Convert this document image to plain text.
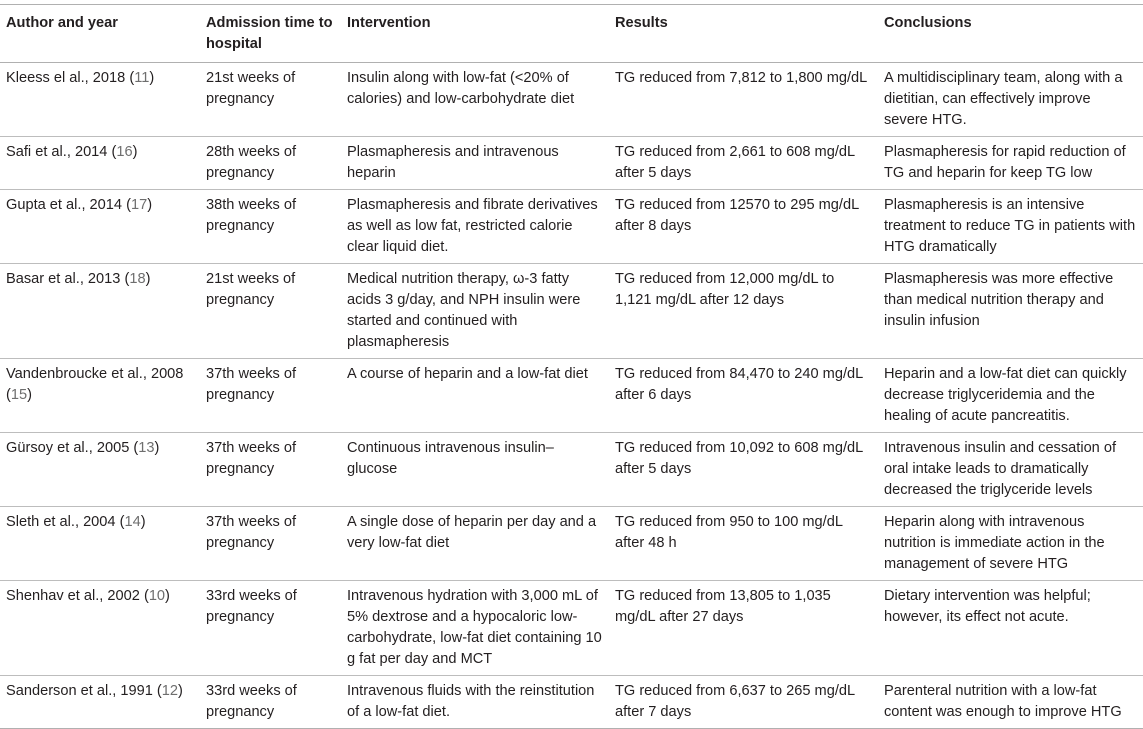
Author and year	Admission time to hospital	Intervention	Results	Conclusions
Kleess el al., 2018 (11)	21st weeks of pregnancy	Insulin along with low-fat (<20% of calories) and low-carbohydrate diet	TG reduced from 7,812 to 1,800 mg/dL	A multidisciplinary team, along with a dietitian, can effectively improve severe HTG.
Safi et al., 2014 (16)	28th weeks of pregnancy	Plasmapheresis and intravenous heparin	TG reduced from 2,661 to 608 mg/dL after 5 days	Plasmapheresis for rapid reduction of TG and heparin for keep TG low
Gupta et al., 2014 (17)	38th weeks of pregnancy	Plasmapheresis and fibrate derivatives as well as low fat, restricted calorie clear liquid diet.	TG reduced from 12570 to 295 mg/dL after 8 days	Plasmapheresis is an intensive treatment to reduce TG in patients with HTG dramatically
Basar et al., 2013 (18)	21st weeks of pregnancy	Medical nutrition therapy, ω-3 fatty acids 3 g/day, and NPH insulin were started and continued with plasmapheresis	TG reduced from 12,000 mg/dL to 1,121 mg/dL after 12 days	Plasmapheresis was more effective than medical nutrition therapy and insulin infusion
Vandenbroucke et al., 2008 (15)	37th weeks of pregnancy	A course of heparin and a low-fat diet	TG reduced from 84,470 to 240 mg/dL after 6 days	Heparin and a low-fat diet can quickly decrease triglyceridemia and the healing of acute pancreatitis.
Gürsoy et al., 2005 (13)	37th weeks of pregnancy	Continuous intravenous insulin–glucose	TG reduced from 10,092 to 608 mg/dL after 5 days	Intravenous insulin and cessation of oral intake leads to dramatically decreased the triglyceride levels
Sleth et al., 2004 (14)	37th weeks of pregnancy	A single dose of heparin per day and a very low-fat diet	TG reduced from 950 to 100 mg/dL after 48 h	Heparin along with intravenous nutrition is immediate action in the management of severe HTG
Shenhav et al., 2002 (10)	33rd weeks of pregnancy	Intravenous hydration with 3,000 mL of 5% dextrose and a hypocaloric low-carbohydrate, low-fat diet containing 10 g fat per day and MCT	TG reduced from 13,805 to 1,035 mg/dL after 27 days	Dietary intervention was helpful; however, its effect not acute.
Sanderson et al., 1991 (12)	33rd weeks of pregnancy	Intravenous fluids with the reinstitution of a low-fat diet.	TG reduced from 6,637 to 265 mg/dL after 7 days	Parenteral nutrition with a low-fat content was enough to improve HTG
